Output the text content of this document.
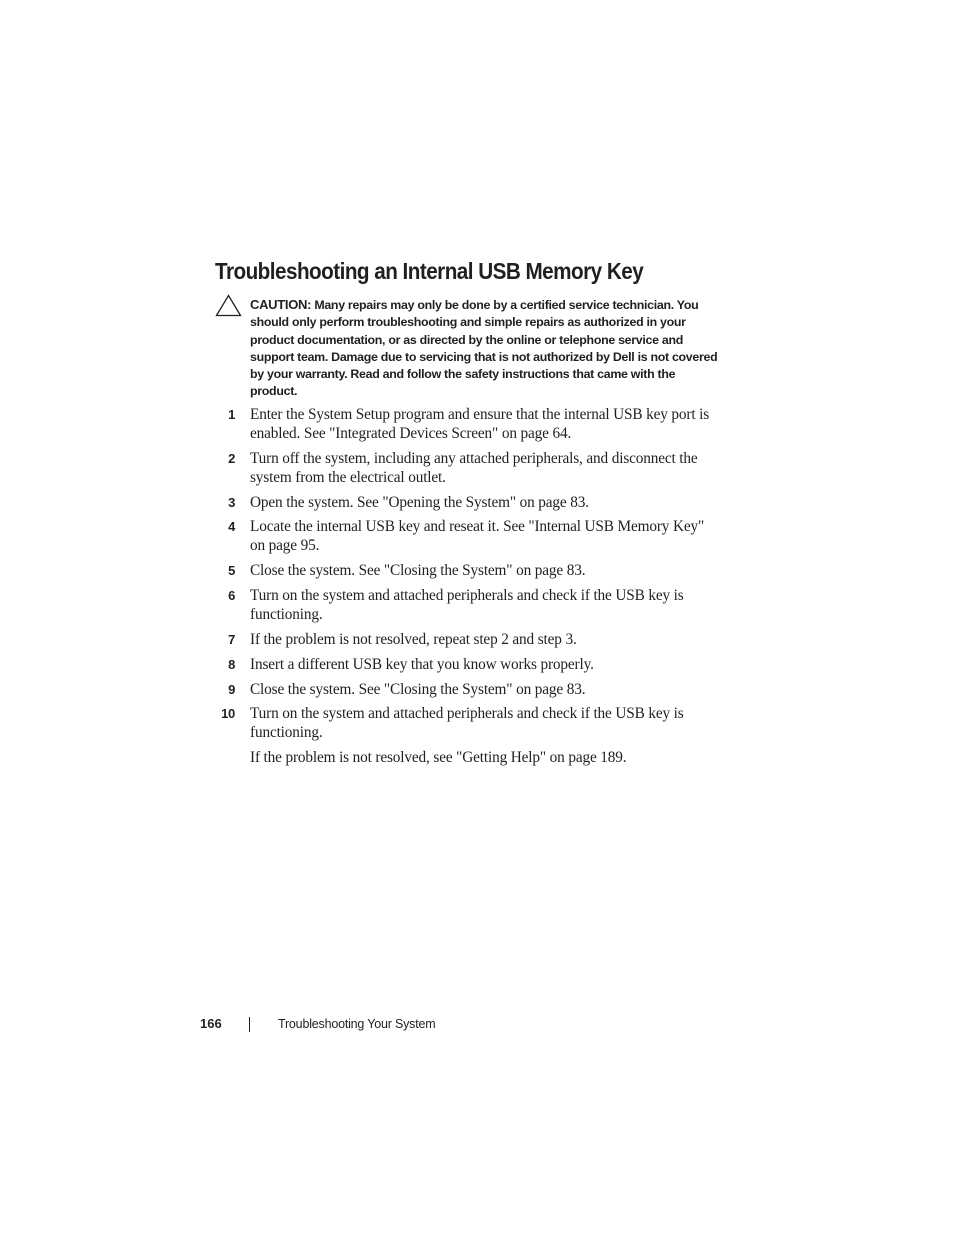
Troubleshooting an Internal USB Memory Key
CAUTION: Many repairs may only be done by a certified service technician. You should only perform troubleshooting and simple repairs as authorized in your product documentation, or as directed by the online or telephone service and support team. Damage due to servicing that is not authorized by Dell is not covered by your warranty. Read and follow the safety instructions that came with the product.
1 Enter the System Setup program and ensure that the internal USB key port is enabled. See "Integrated Devices Screen" on page 64.
2 Turn off the system, including any attached peripherals, and disconnect the system from the electrical outlet.
3 Open the system. See "Opening the System" on page 83.
4 Locate the internal USB key and reseat it. See "Internal USB Memory Key" on page 95.
5 Close the system. See "Closing the System" on page 83.
6 Turn on the system and attached peripherals and check if the USB key is functioning.
7 If the problem is not resolved, repeat step 2 and step 3.
8 Insert a different USB key that you know works properly.
9 Close the system. See "Closing the System" on page 83.
10 Turn on the system and attached peripherals and check if the USB key is functioning.
If the problem is not resolved, see "Getting Help" on page 189.
166	Troubleshooting Your System
